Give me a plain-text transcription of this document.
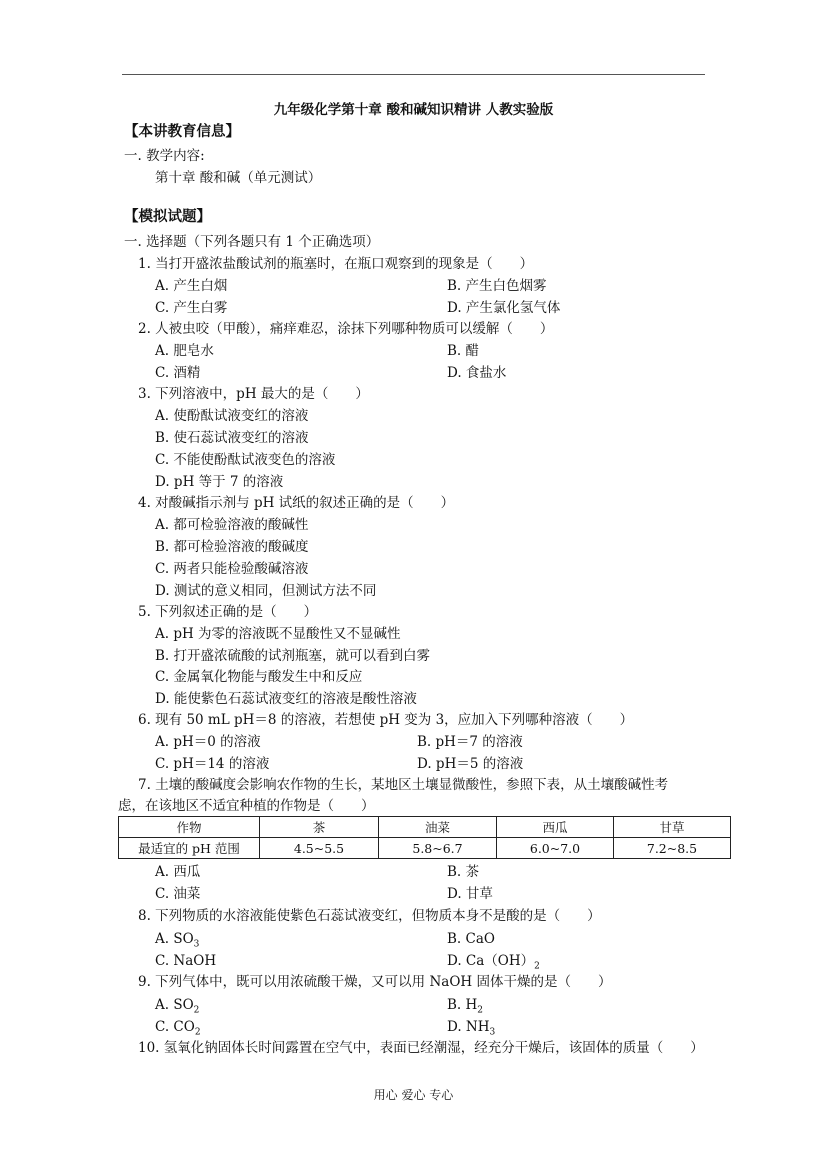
九年级化学第十章 酸和碱知识精讲 人教实验版
【本讲教育信息】
一. 教学内容:
第十章 酸和碱（单元测试）
【模拟试题】
一. 选择题（下列各题只有 1 个正确选项）
1. 当打开盛浓盐酸试剂的瓶塞时，在瓶口观察到的现象是（　　）
A. 产生白烟	B. 产生白色烟雾
C. 产生白雾	D. 产生氯化氢气体
2. 人被虫咬（甲酸），痛痒难忍，涂抹下列哪种物质可以缓解（　　）
A. 肥皂水	B. 醋
C. 酒精	D. 食盐水
3. 下列溶液中，pH 最大的是（　　）
A. 使酚酞试液变红的溶液
B. 使石蕊试液变红的溶液
C. 不能使酚酞试液变色的溶液
D. pH 等于 7 的溶液
4. 对酸碱指示剂与 pH 试纸的叙述正确的是（　　）
A. 都可检验溶液的酸碱性
B. 都可检验溶液的酸碱度
C. 两者只能检验酸碱溶液
D. 测试的意义相同，但测试方法不同
5. 下列叙述正确的是（　　）
A. pH 为零的溶液既不显酸性又不显碱性
B. 打开盛浓硫酸的试剂瓶塞，就可以看到白雾
C. 金属氧化物能与酸发生中和反应
D. 能使紫色石蕊试液变红的溶液是酸性溶液
6. 现有 50 mL pH＝8 的溶液，若想使 pH 变为 3，应加入下列哪种溶液（　　）
A. pH＝0 的溶液	B. pH＝7 的溶液
C. pH＝14 的溶液	D. pH＝5 的溶液
7. 土壤的酸碱度会影响农作物的生长，某地区土壤显微酸性，参照下表，从土壤酸碱性考
虑，在该地区不适宜种植的作物是（　　）
作物	茶	油菜	西瓜	甘草
最适宜的 pH 范围	4.5~5.5	5.8~6.7	6.0~7.0	7.2~8.5
A. 西瓜	B. 茶
C. 油菜	D. 甘草
8. 下列物质的水溶液能使紫色石蕊试液变红，但物质本身不是酸的是（　　）
A. $SO_3$	B. CaO
C. NaOH	D. $Ca(OH)_2$
9. 下列气体中，既可以用浓硫酸干燥，又可以用 NaOH 固体干燥的是（　　）
A. $SO_2$	B. $H_2$
C. $CO_2$	D. $NH_3$
10. 氢氧化钠固体长时间露置在空气中，表面已经潮湿，经充分干燥后，该固体的质量（　　）
用心 爱心 专心
